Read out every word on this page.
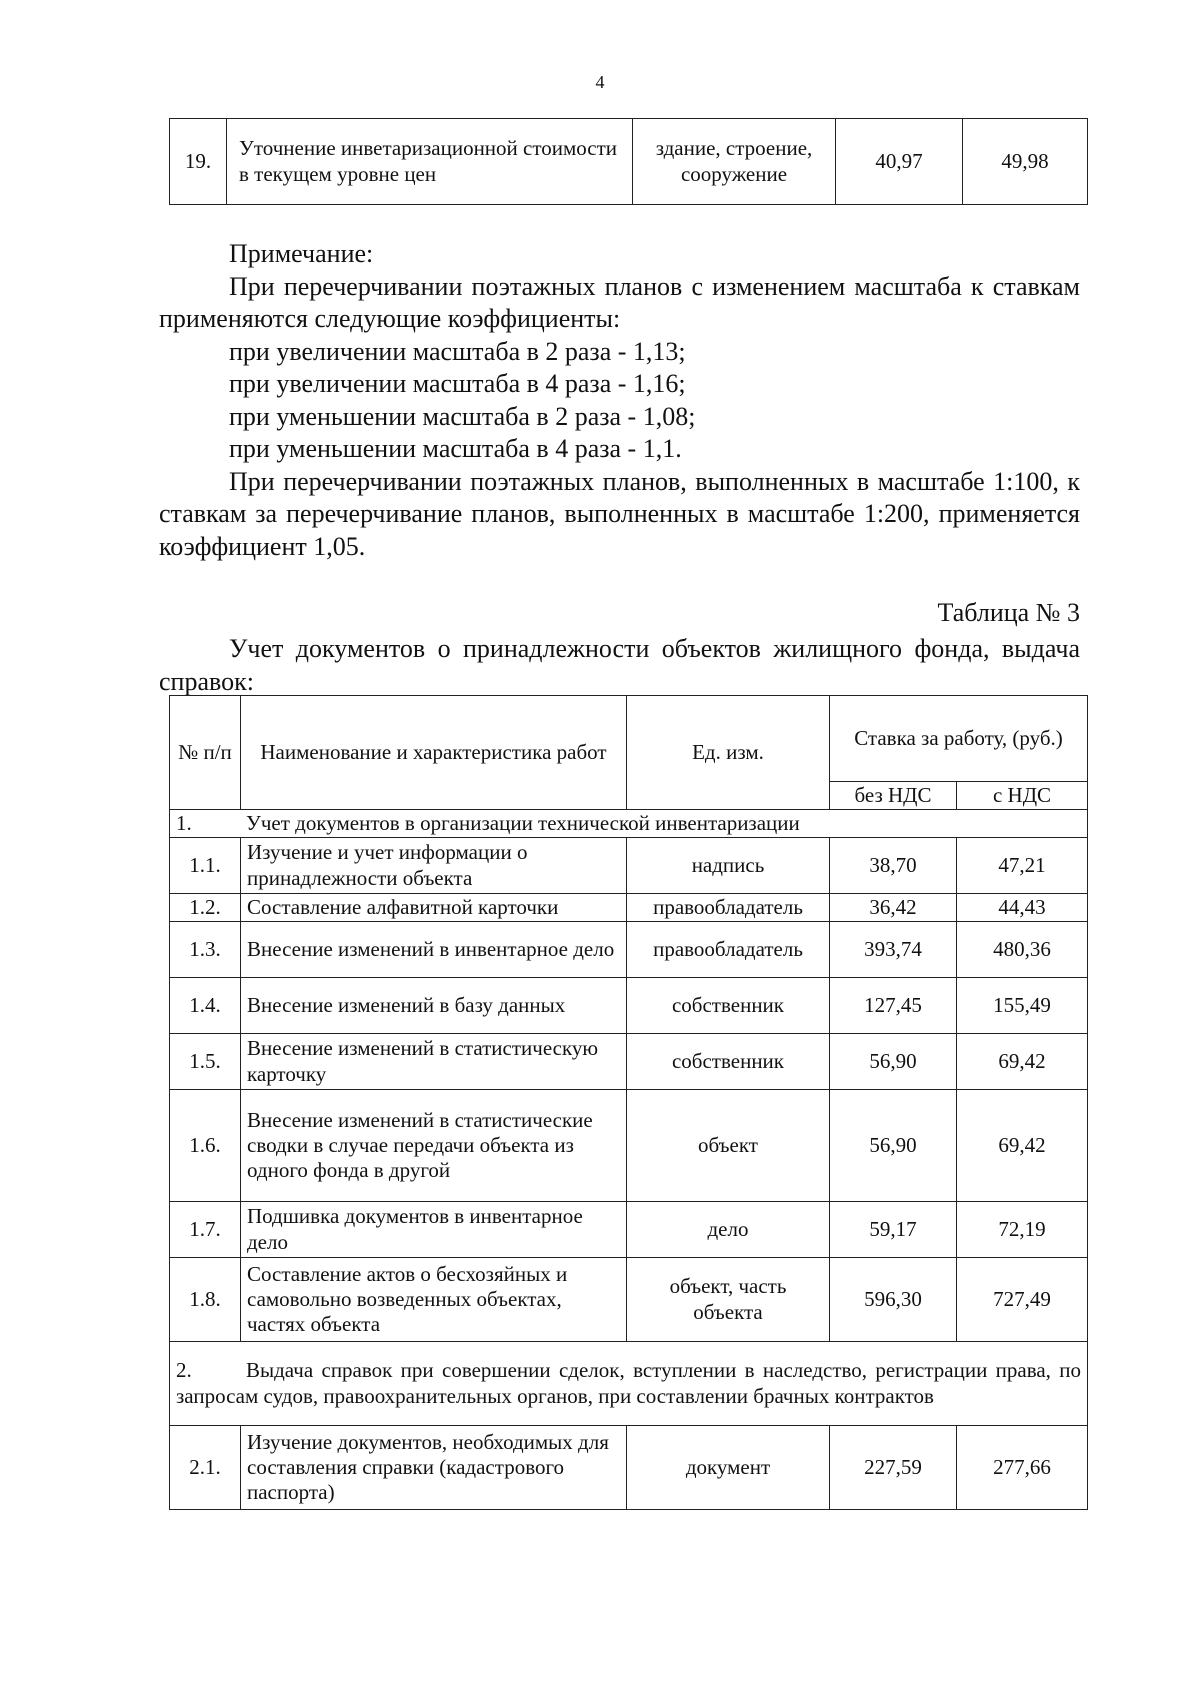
4
19.	Уточнение инветаризационной стоимости в текущем уровне цен	здание, строение, сооружение	40,97	49,98

Примечание:

При перечерчивании поэтажных планов с изменением масштаба к ставкам применяются следующие коэффициенты:

при увеличении масштаба в 2 раза - 1,13;

при увеличении масштаба в 4 раза - 1,16;

при уменьшении масштаба в 2 раза - 1,08;

при уменьшении масштаба в 4 раза - 1,1.

При перечерчивании поэтажных планов, выполненных в масштабе 1:100, к ставкам за перечерчивание планов, выполненных в масштабе 1:200, применяется коэффициент 1,05.

Таблица № 3
Учет документов о принадлежности объектов жилищного фонда, выдача справок:
№ п/п	Наименование и характеристика работ	Ед. изм.	Ставка за работу, (руб.)	
			без НДС	с НДС
1. Учет документов в организации технической инвентаризации				
1.1.	Изучение и учет информации о принадлежности объекта	надпись	38,70	47,21
1.2.	Составление алфавитной карточки	правообладатель	36,42	44,43
1.3.	Внесение изменений в инвентарное дело	правообладатель	393,74	480,36
1.4.	Внесение изменений в базу данных	собственник	127,45	155,49
1.5.	Внесение изменений в статистическую карточку	собственник	56,90	69,42
1.6.	Внесение изменений в статистические сводки в случае передачи объекта из одного фонда в другой	объект	56,90	69,42
1.7.	Подшивка документов в инвентарное дело	дело	59,17	72,19
1.8.	Составление актов о бесхозяйных и самовольно возведенных объектах, частях объекта	объект, часть объекта	596,30	727,49
2. Выдача справок при совершении сделок, вступлении в наследство, регистрации права, по запросам судов, правоохранительных органов, при составлении брачных контрактов				
2.1.	Изучение документов, необходимых для составления справки (кадастрового паспорта)	документ	227,59	277,66
